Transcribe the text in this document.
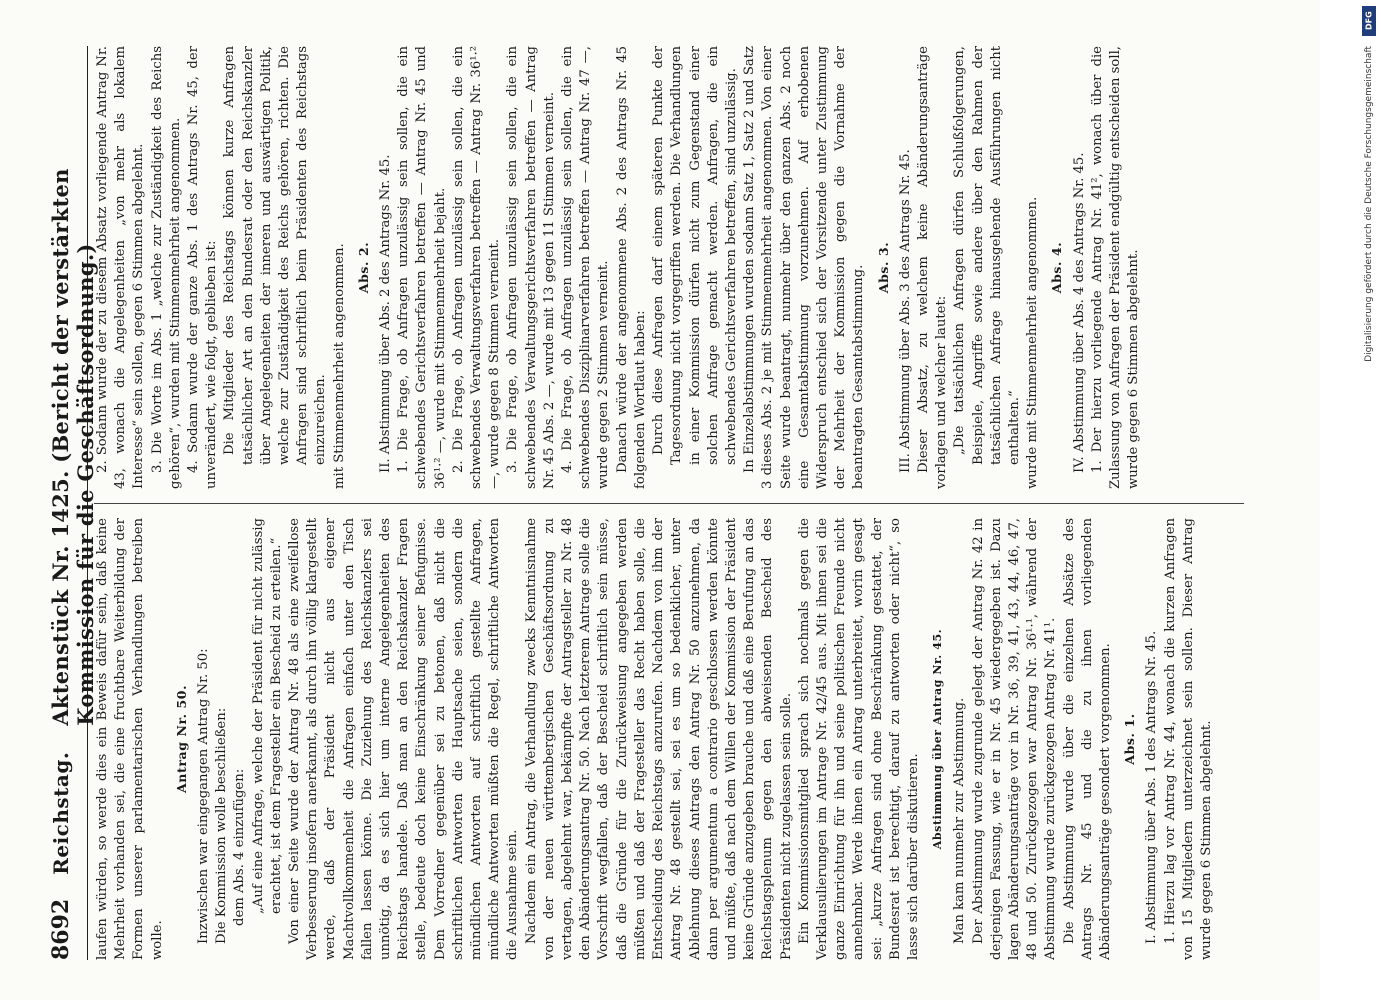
8692
Reichstag.
Aktenstück Nr. 1425. (Bericht der verstärkten Kommission für die Geschäftsordnung.)

laufen würden, so werde dies ein Beweis dafür sein, daß keine Mehrheit vorhanden sei, die eine fruchtbare Weiterbildung der Formen unserer parlamentarischen Verhandlungen betreiben wolle.

Antrag Nr. 50. Inzwischen war eingegangen Antrag Nr. 50: Die Kommission wolle beschließen: dem Abs. 4 einzufügen: „Auf eine Anfrage, welche der Präsident für nicht zulässig erachtet, ist dem Fragesteller ein Bescheid zu erteilen.“ Von einer Seite wurde der Antrag Nr. 48 als eine zweifellose Verbesserung insofern anerkannt, als durch ihn völlig klargestellt werde, daß der Präsident nicht aus eigener Machtvollkommenheit die Anfragen einfach unter den Tisch fallen lassen könne. Die Zuziehung des Reichskanzlers sei unnötig, da es sich hier um interne Angelegenheiten des Reichstags handele. Daß man an den Reichskanzler Fragen stelle, bedeute doch keine Einschränkung seiner Befugnisse. Dem Vorredner gegenüber sei zu betonen, daß nicht die schriftlichen Antworten die Hauptsache seien, sondern die mündlichen Antworten auf schriftlich gestellte Anfragen, mündliche Antworten müßten die Regel, schriftliche Antworten die Ausnahme sein. Nachdem ein Antrag, die Verhandlung zwecks Kenntnisnahme von der neuen württembergischen Geschäftsordnung zu vertagen, abgelehnt war, bekämpfte der Antragsteller zu Nr. 48 den Abänderungsantrag Nr. 50. Nach letzterem Antrage solle die Vorschrift wegfallen, daß der Bescheid schriftlich sein müsse, daß die Gründe für die Zurückweisung angegeben werden müßten und daß der Fragesteller das Recht haben solle, die Entscheidung des Reichstags anzurufen. Nachdem von ihm der Antrag Nr. 48 gestellt sei, sei es um so bedenklicher, unter Ablehnung dieses Antrags den Antrag Nr. 50 anzunehmen, da dann per argumentum a contrario geschlossen werden könnte und müßte, daß nach dem Willen der Kommission der Präsident keine Gründe anzugeben brauche und daß eine Berufung an das Reichstagsplenum gegen den abweisenden Bescheid des Präsidenten nicht zugelassen sein solle. Ein Kommissionsmitglied sprach sich nochmals gegen die Verklausulierungen im Antrage Nr. 42/45 aus. Mit ihnen sei die ganze Einrichtung für ihn und seine politischen Freunde nicht annehmbar. Werde ihnen ein Antrag unterbreitet, worin gesagt sei: „kurze Anfragen sind ohne Beschränkung gestattet, der Bundesrat ist berechtigt, darauf zu antworten oder nicht“, so lasse sich darüber diskutieren.

Abstimmung über Antrag Nr. 45. Man kam nunmehr zur Abstimmung. Der Abstimmung wurde zugrunde gelegt der Antrag Nr. 42 in derjenigen Fassung, wie er in Nr. 45 wiedergegeben ist. Dazu lagen Abänderungsanträge vor in Nr. 36, 39, 41, 43, 44, 46, 47, 48 und 50. Zurückgezogen war Antrag Nr. 36¹·¹, während der Abstimmung wurde zurückgezogen Antrag Nr. 41¹. Die Abstimmung wurde über die einzelnen Absätze des Antrags Nr. 45 und die zu ihnen vorliegenden Abänderungsanträge gesondert vorgenommen. Abs. 1. I. Abstimmung über Abs. 1 des Antrags Nr. 45. 1. Hierzu lag vor Antrag Nr. 44, wonach die kurzen Anfragen von 15 Mitgliedern unterzeichnet sein sollen. Dieser Antrag wurde gegen 6 Stimmen abgelehnt.

2. Sodann wurde der zu diesem Absatz vorliegende Antrag Nr. 43, wonach die Angelegenheiten „von mehr als lokalem Interesse“ sein sollen, gegen 6 Stimmen abgelehnt. 3. Die Worte im Abs. 1 „welche zur Zuständigkeit des Reichs gehören“, wurden mit Stimmenmehrheit angenommen. 4. Sodann wurde der ganze Abs. 1 des Antrags Nr. 45, der unverändert, wie folgt, geblieben ist: Die Mitglieder des Reichstags können kurze Anfragen tatsächlicher Art an den Bundesrat oder den Reichskanzler über Angelegenheiten der inneren und auswärtigen Politik, welche zur Zuständigkeit des Reichs gehören, richten. Die Anfragen sind schriftlich beim Präsidenten des Reichstags einzureichen. mit Stimmenmehrheit angenommen. Abs. 2. II. Abstimmung über Abs. 2 des Antrags Nr. 45. 1. Die Frage, ob Anfragen unzulässig sein sollen, die ein schwebendes Gerichtsverfahren betreffen — Antrag Nr. 45 und 36¹·² —, wurde mit Stimmenmehrheit bejaht. 2. Die Frage, ob Anfragen unzulässig sein sollen, die ein schwebendes Verwaltungsverfahren betreffen — Antrag Nr. 36¹·² —, wurde gegen 8 Stimmen verneint. 3. Die Frage, ob Anfragen unzulässig sein sollen, die ein schwebendes Verwaltungsgerichtsverfahren betreffen — Antrag Nr. 45 Abs. 2 —, wurde mit 13 gegen 11 Stimmen verneint. 4. Die Frage, ob Anfragen unzulässig sein sollen, die ein schwebendes Disziplinarverfahren betreffen — Antrag Nr. 47 —, wurde gegen 2 Stimmen verneint. Danach würde der angenommene Abs. 2 des Antrags Nr. 45 folgenden Wortlaut haben: Durch diese Anfragen darf einem späteren Punkte der Tagesordnung nicht vorgegriffen werden. Die Verhandlungen in einer Kommission dürfen nicht zum Gegenstand einer solchen Anfrage gemacht werden. Anfragen, die ein schwebendes Gerichtsverfahren betreffen, sind unzulässig. In Einzelabstimmungen wurden sodann Satz 1, Satz 2 und Satz 3 dieses Abs. 2 je mit Stimmenmehrheit angenommen. Von einer Seite wurde beantragt, nunmehr über den ganzen Abs. 2 noch eine Gesamtabstimmung vorzunehmen. Auf erhobenen Widerspruch entschied sich der Vorsitzende unter Zustimmung der Mehrheit der Kommission gegen die Vornahme der beantragten Gesamtabstimmung. Abs. 3. III. Abstimmung über Abs. 3 des Antrags Nr. 45. Dieser Absatz, zu welchem keine Abänderungsanträge vorlagen und welcher lautet: „Die tatsächlichen Anfragen dürfen Schlußfolgerungen, Beispiele, Angriffe sowie andere über den Rahmen der tatsächlichen Anfrage hinausgehende Ausführungen nicht enthalten.“ wurde mit Stimmenmehrheit angenommen. Abs. 4. IV. Abstimmung über Abs. 4 des Antrags Nr. 45. 1. Der hierzu vorliegende Antrag Nr. 41², wonach über die Zulassung von Anfragen der Präsident endgültig entscheiden soll, wurde gegen 6 Stimmen abgelehnt.

DFG
Digitalisierung gefördert durch die Deutsche Forschungsgemeinschaft
